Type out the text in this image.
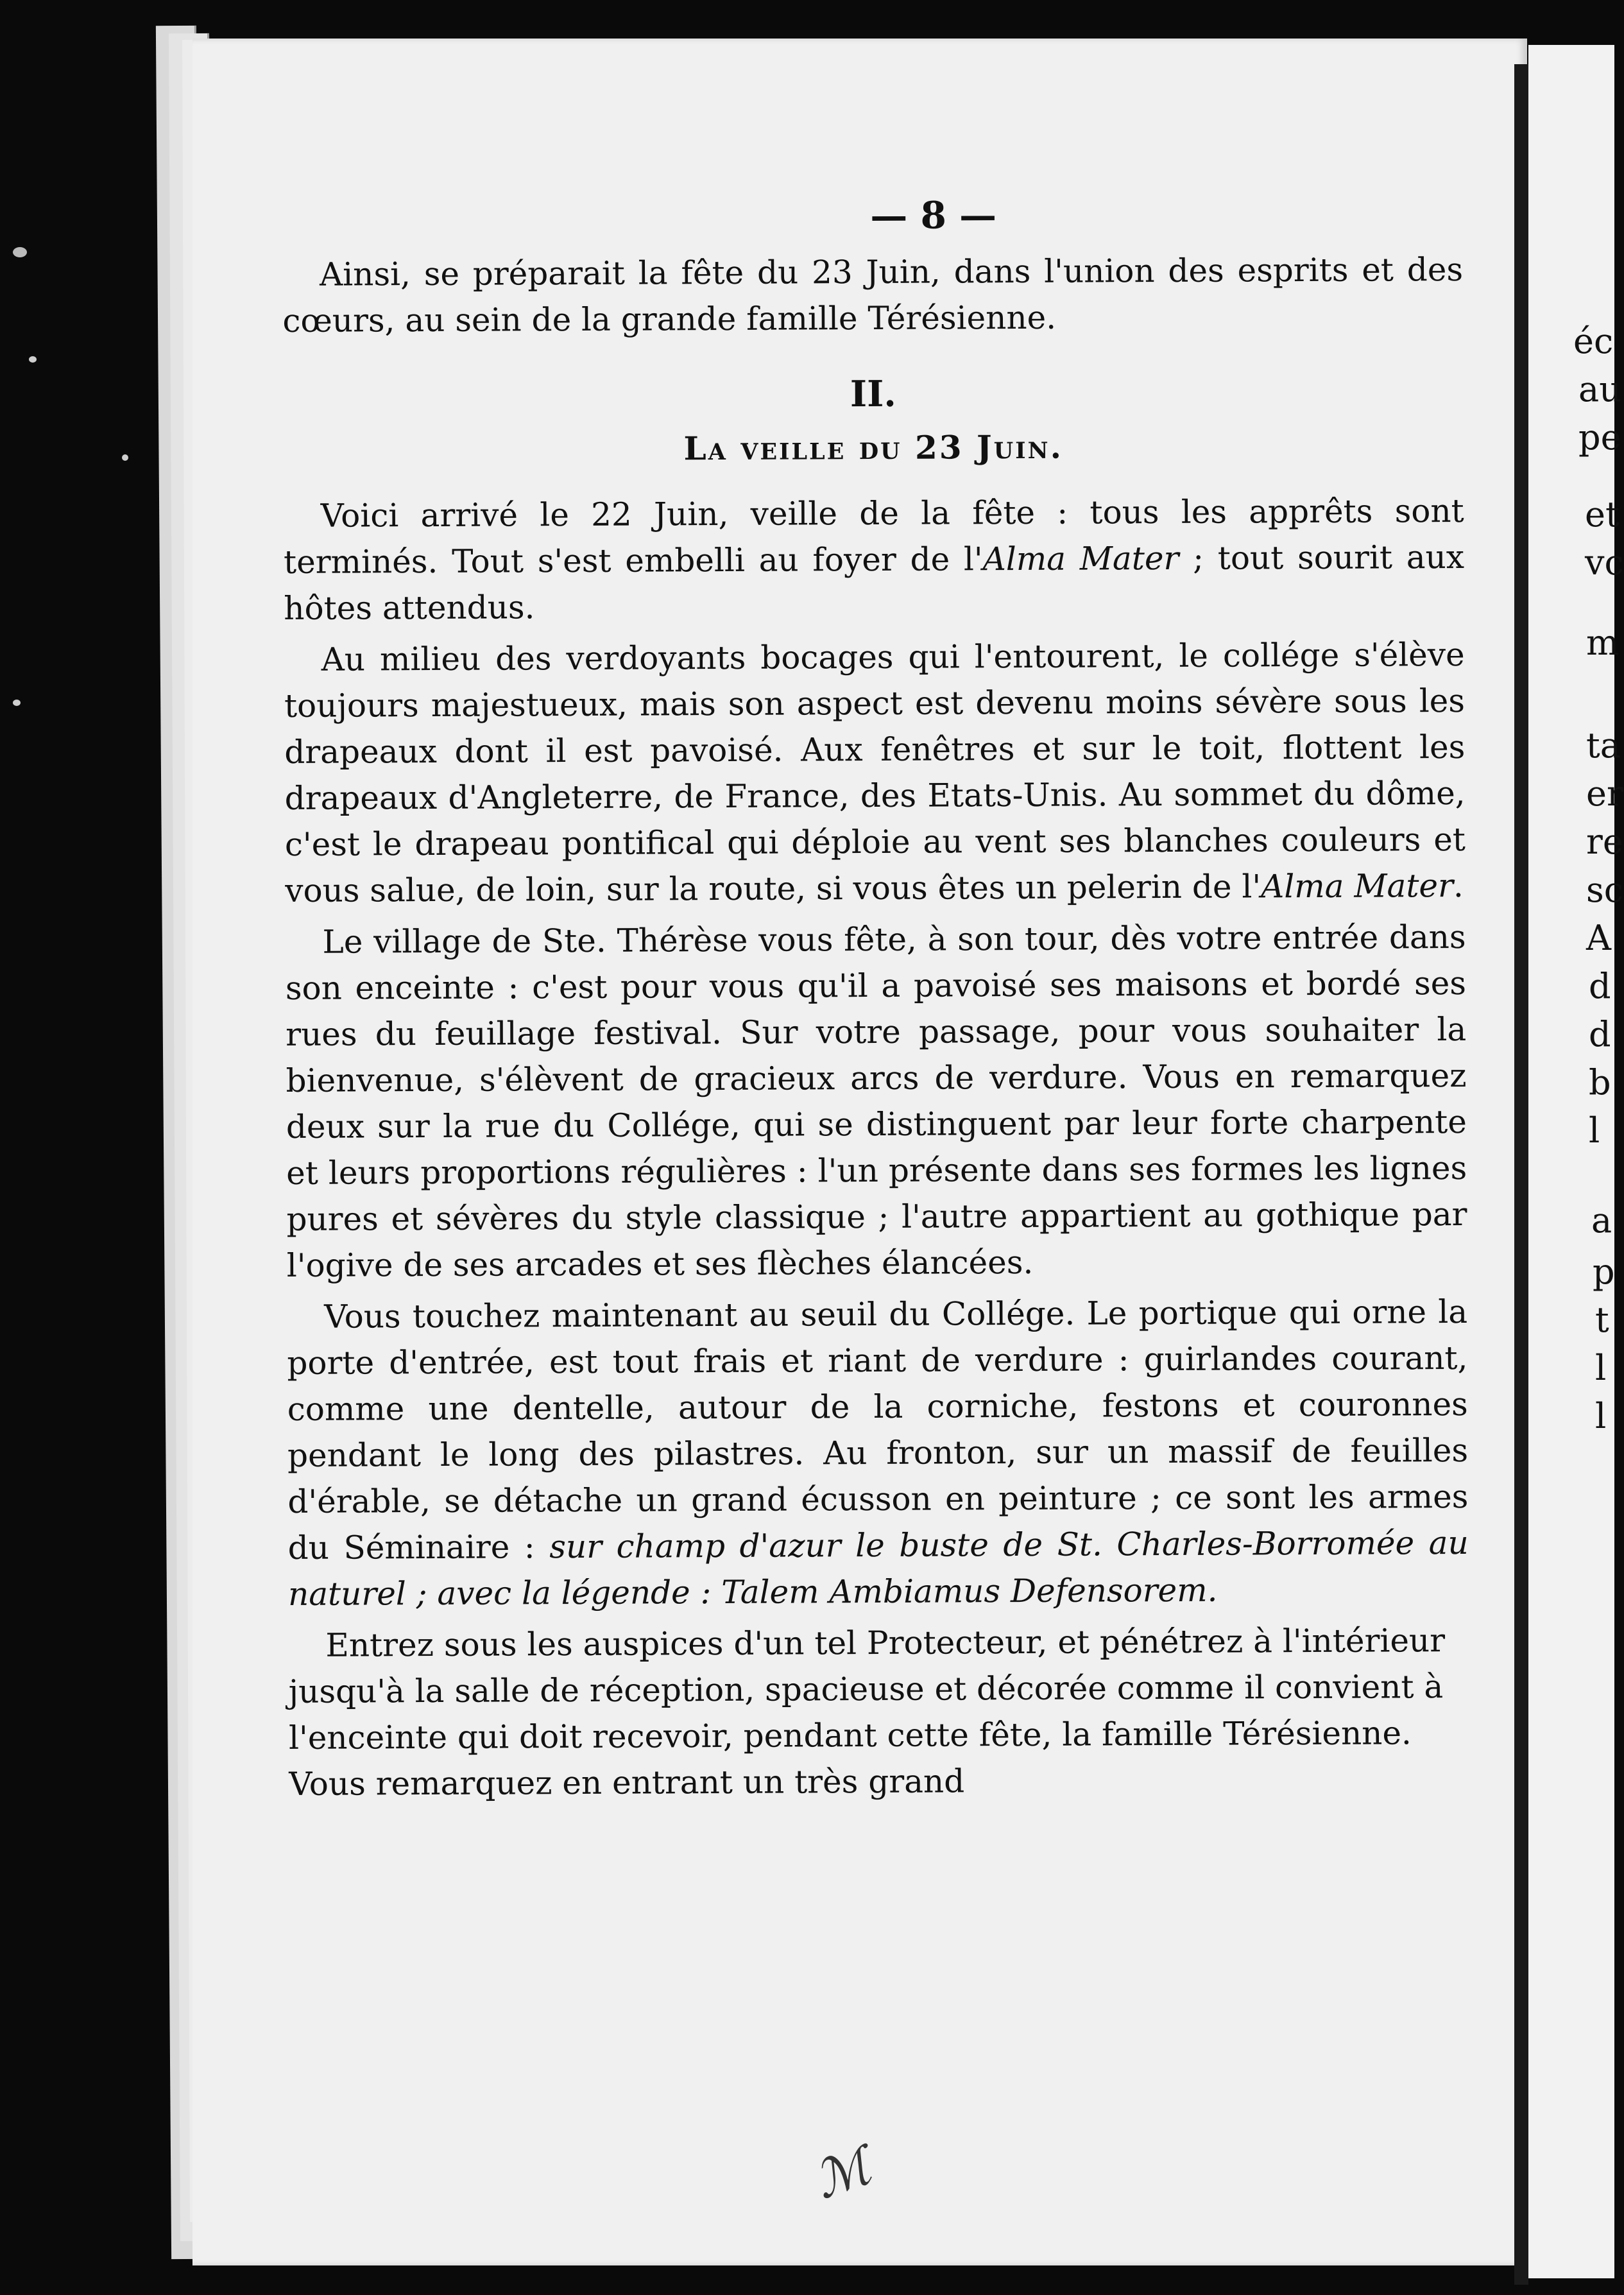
éc
au
pe
et
vc
m
ta
er
re
sc
A
d
d
b
l
a
p
t
l
l
— 8 —

Ainsi, se préparait la fête du 23 Juin, dans l'union des esprits et des cœurs, au sein de la grande famille Térésienne.

II.
La veille du 23 Juin.

Voici arrivé le 22 Juin, veille de la fête : tous les apprêts sont terminés. Tout s'est embelli au foyer de l'Alma Mater ; tout sourit aux hôtes attendus.

Au milieu des verdoyants bocages qui l'entourent, le collége s'élève toujours majestueux, mais son aspect est devenu moins sévère sous les drapeaux dont il est pavoisé. Aux fenêtres et sur le toit, flottent les drapeaux d'Angleterre, de France, des Etats-Unis. Au sommet du dôme, c'est le drapeau pontifical qui déploie au vent ses blanches couleurs et vous salue, de loin, sur la route, si vous êtes un pelerin de l'Alma Mater.

Le village de Ste. Thérèse vous fête, à son tour, dès votre entrée dans son enceinte : c'est pour vous qu'il a pavoisé ses maisons et bordé ses rues du feuillage festival. Sur votre passage, pour vous souhaiter la bienvenue, s'élèvent de gracieux arcs de verdure. Vous en remarquez deux sur la rue du Collége, qui se distinguent par leur forte charpente et leurs proportions régulières : l'un présente dans ses formes les lignes pures et sévères du style classique ; l'autre appartient au gothique par l'ogive de ses arcades et ses flèches élancées.

Vous touchez maintenant au seuil du Collége. Le portique qui orne la porte d'entrée, est tout frais et riant de verdure : guirlandes courant, comme une dentelle, autour de la corniche, festons et couronnes pendant le long des pilastres. Au fronton, sur un massif de feuilles d'érable, se détache un grand écusson en peinture ; ce sont les armes du Séminaire : sur champ d'azur le buste de St. Charles-Borromée au naturel ; avec la légende : Talem Ambiamus Defensorem.

Entrez sous les auspices d'un tel Protecteur, et pénétrez à l'intérieur jusqu'à la salle de réception, spacieuse et décorée comme il convient à l'enceinte qui doit recevoir, pendant cette fête, la famille Térésienne. Vous remarquez en entrant un très grand

ℳ
